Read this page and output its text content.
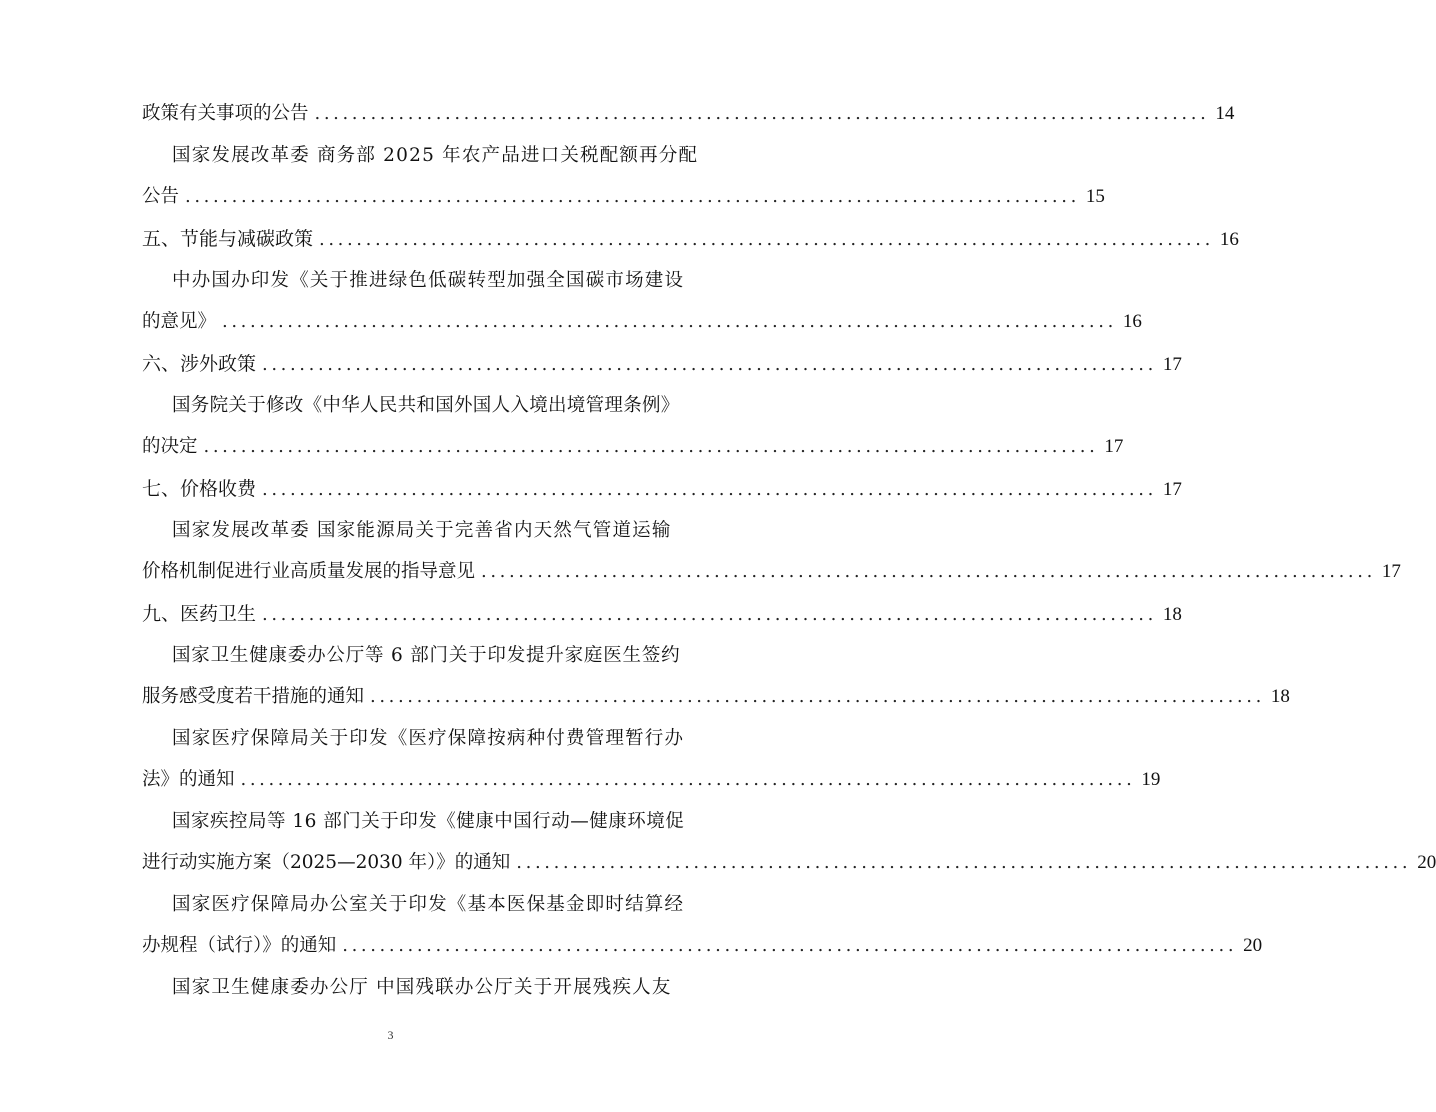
政策有关事项的公告 ................................................................................................ 14
国家发展改革委 商务部 2025 年农产品进口关税配额再分配
公告 ................................................................................................ 15
五、节能与减碳政策 ................................................................................................ 16
中办国办印发《关于推进绿色低碳转型加强全国碳市场建设
的意见》 ................................................................................................ 16
六、涉外政策 ................................................................................................ 17
国务院关于修改《中华人民共和国外国人入境出境管理条例》
的决定 ................................................................................................ 17
七、价格收费 ................................................................................................ 17
国家发展改革委 国家能源局关于完善省内天然气管道运输
价格机制促进行业高质量发展的指导意见 ................................................................................................ 17
九、医药卫生 ................................................................................................ 18
国家卫生健康委办公厅等 6 部门关于印发提升家庭医生签约
服务感受度若干措施的通知 ................................................................................................ 18
国家医疗保障局关于印发《医疗保障按病种付费管理暂行办
法》的通知 ................................................................................................ 19
国家疾控局等 16 部门关于印发《健康中国行动—健康环境促
进行动实施方案（2025—2030 年）》的通知 ................................................................................................ 20
国家医疗保障局办公室关于印发《基本医保基金即时结算经
办规程（试行）》的通知 ................................................................................................ 20
国家卫生健康委办公厅 中国残联办公厅关于开展残疾人友
3
